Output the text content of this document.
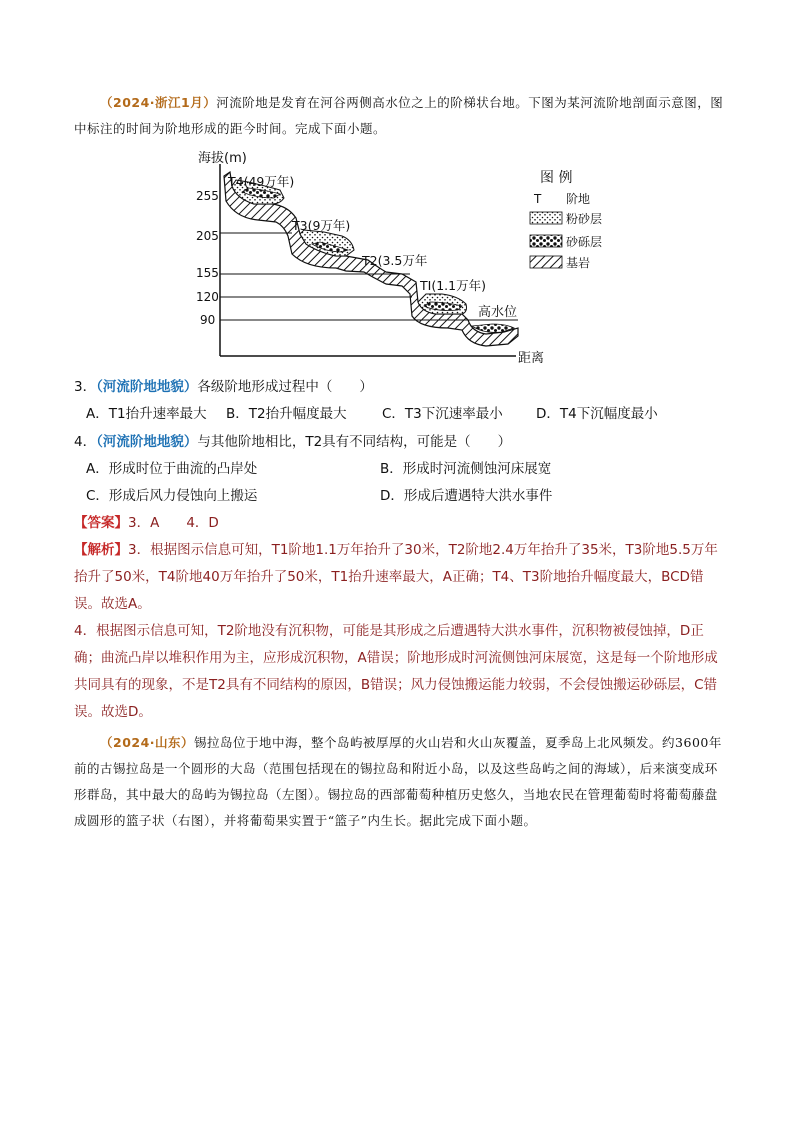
（2024·浙江1月）河流阶地是发育在河谷两侧高水位之上的阶梯状台地。下图为某河流阶地剖面示意图，图中标注的时间为阶地形成的距今时间。完成下面小题。
海拔(m)
距离
255
205
155
120
90
T4(49万年)
T3(9万年)
T2(3.5万年
TI(1.1万年)
高水位
图 例
T 阶地
粉砂层
砂砾层
基岩
3．（河流阶地地貌）各级阶地形成过程中（　　）
A．T1抬升速率最大 B．T2抬升幅度最大	C．T3下沉速率最小 D．T4下沉幅度最小
4．（河流阶地地貌）与其他阶地相比，T2具有不同结构，可能是（　　）
A．形成时位于曲流的凸岸处	B．形成时河流侧蚀河床展宽
C．形成后风力侵蚀向上搬运	D．形成后遭遇特大洪水事件
【答案】3．A　　4．D
【解析】3．根据图示信息可知，T1阶地1.1万年抬升了30米，T2阶地2.4万年抬升了35米，T3阶地5.5万年抬升了50米，T4阶地40万年抬升了50米，T1抬升速率最大，A正确；T4、T3阶地抬升幅度最大，BCD错误。故选A。
4．根据图示信息可知，T2阶地没有沉积物，可能是其形成之后遭遇特大洪水事件，沉积物被侵蚀掉，D正确；曲流凸岸以堆积作用为主，应形成沉积物，A错误；阶地形成时河流侧蚀河床展宽，这是每一个阶地形成共同具有的现象，不是T2具有不同结构的原因，B错误；风力侵蚀搬运能力较弱，不会侵蚀搬运砂砾层，C错误。故选D。
（2024·山东）锡拉岛位于地中海，整个岛屿被厚厚的火山岩和火山灰覆盖，夏季岛上北风频发。约3600年前的古锡拉岛是一个圆形的大岛（范围包括现在的锡拉岛和附近小岛，以及这些岛屿之间的海域），后来演变成环形群岛，其中最大的岛屿为锡拉岛（左图）。锡拉岛的西部葡萄种植历史悠久，当地农民在管理葡萄时将葡萄藤盘成圆形的篮子状（右图），并将葡萄果实置于“篮子”内生长。据此完成下面小题。
